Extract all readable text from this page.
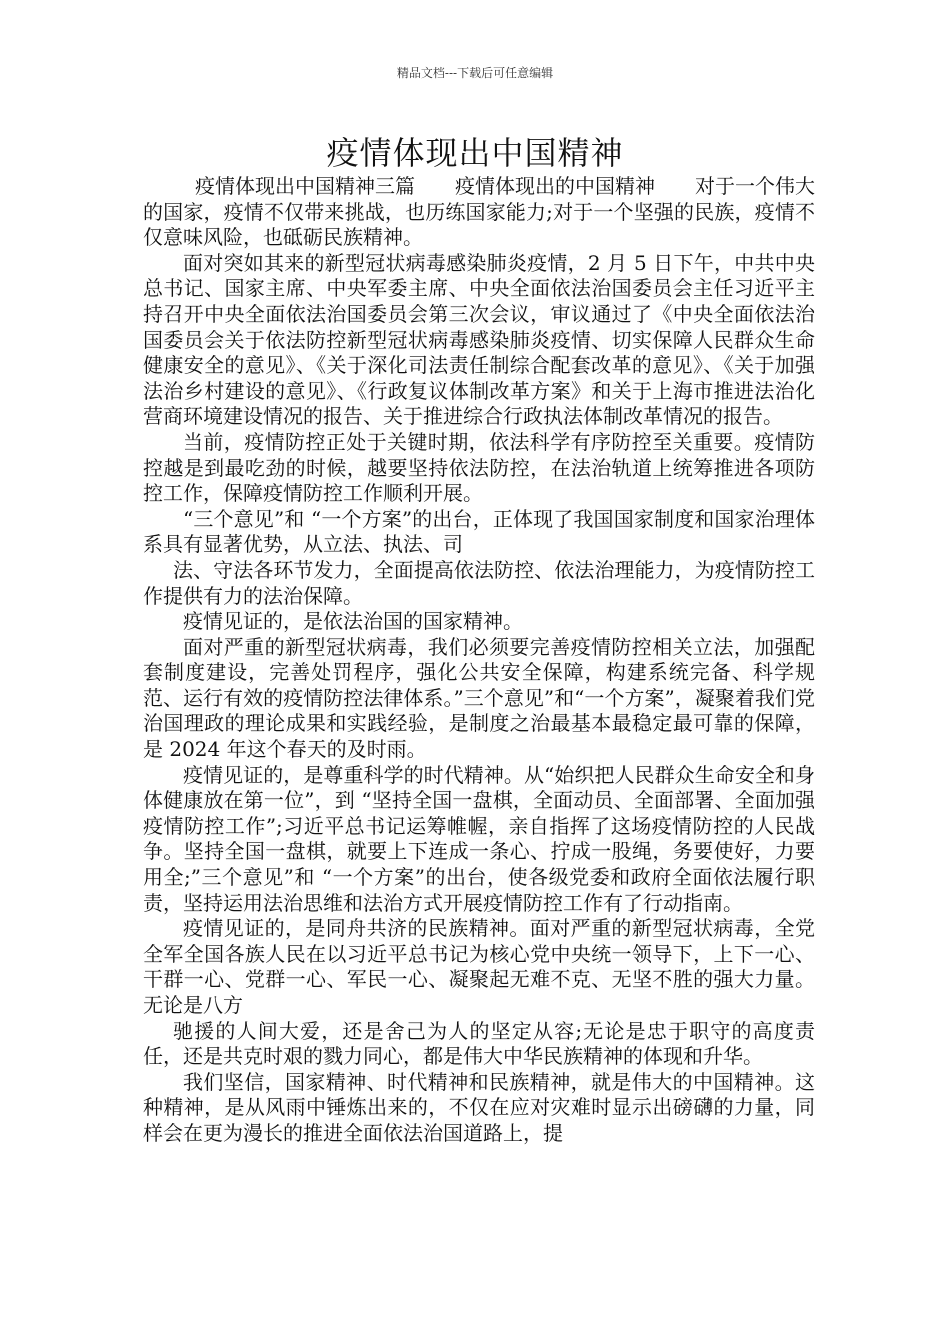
精品文档---下载后可任意编辑
疫情体现出中国精神

疫情体现出中国精神三篇　　疫情体现出的中国精神　　对于一个伟大的国家，疫情不仅带来挑战，也历练国家能力;对于一个坚强的民族，疫情不仅意味风险，也砥砺民族精神。

面对突如其来的新型冠状病毒感染肺炎疫情，2 月 5 日下午，中共中央总书记、国家主席、中央军委主席、中央全面依法治国委员会主任习近平主持召开中央全面依法治国委员会第三次会议，审议通过了《中央全面依法治国委员会关于依法防控新型冠状病毒感染肺炎疫情、切实保障人民群众生命健康安全的意见》、《关于深化司法责任制综合配套改革的意见》、《关于加强法治乡村建设的意见》、《行政复议体制改革方案》和关于上海市推进法治化营商环境建设情况的报告、关于推进综合行政执法体制改革情况的报告。

当前，疫情防控正处于关键时期，依法科学有序防控至关重要。疫情防控越是到最吃劲的时候，越要坚持依法防控，在法治轨道上统筹推进各项防控工作，保障疫情防控工作顺利开展。

“三个意见”和 “一个方案”的出台，正体现了我国国家制度和国家治理体系具有显著优势，从立法、执法、司

法、守法各环节发力，全面提高依法防控、依法治理能力，为疫情防控工作提供有力的法治保障。

疫情见证的，是依法治国的国家精神。

面对严重的新型冠状病毒，我们必须要完善疫情防控相关立法，加强配套制度建设，完善处罚程序，强化公共安全保障，构建系统完备、科学规范、运行有效的疫情防控法律体系。”三个意见”和“一个方案”，凝聚着我们党治国理政的理论成果和实践经验，是制度之治最基本最稳定最可靠的保障，是 2024 年这个春天的及时雨。

疫情见证的，是尊重科学的时代精神。从“始织把人民群众生命安全和身体健康放在第一位”，到 “坚持全国一盘棋，全面动员、全面部署、全面加强疫情防控工作”;习近平总书记运筹帷幄，亲自指挥了这场疫情防控的人民战争。坚持全国一盘棋，就要上下连成一条心、拧成一股绳，务要使好，力要用全;”三个意见”和 “一个方案”的出台，使各级党委和政府全面依法履行职责，坚持运用法治思维和法治方式开展疫情防控工作有了行动指南。

疫情见证的，是同舟共济的民族精神。面对严重的新型冠状病毒，全党全军全国各族人民在以习近平总书记为核心党中央统一领导下，上下一心、干群一心、党群一心、军民一心、凝聚起无难不克、无坚不胜的强大力量。无论是八方

驰援的人间大爱，还是舍己为人的坚定从容;无论是忠于职守的高度责任，还是共克时艰的戮力同心，都是伟大中华民族精神的体现和升华。

我们坚信，国家精神、时代精神和民族精神，就是伟大的中国精神。这种精神，是从风雨中锤炼出来的，不仅在应对灾难时显示出磅礴的力量，同样会在更为漫长的推进全面依法治国道路上，提
